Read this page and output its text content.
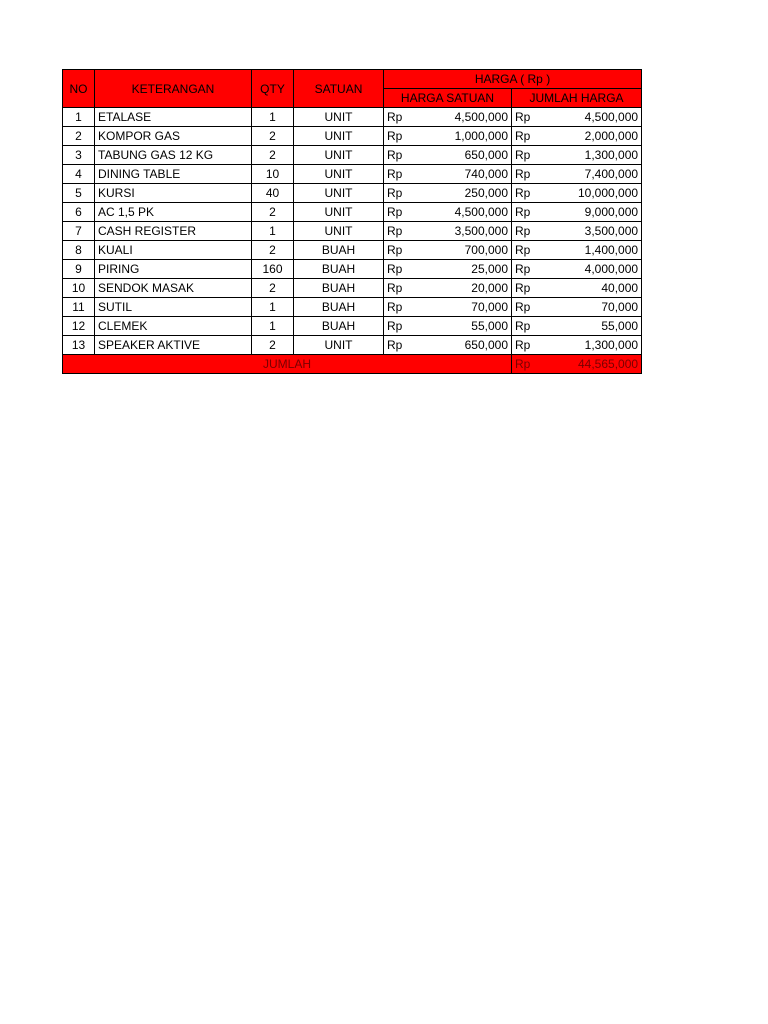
NO	KETERANGAN	QTY	SATUAN	HARGA ( Rp )			
				HARGA SATUAN		JUMLAH HARGA	
1	ETALASE	1	UNIT	Rp	4,500,000	Rp	4,500,000
2	KOMPOR GAS	2	UNIT	Rp	1,000,000	Rp	2,000,000
3	TABUNG GAS 12 KG	2	UNIT	Rp	650,000	Rp	1,300,000
4	DINING TABLE	10	UNIT	Rp	740,000	Rp	7,400,000
5	KURSI	40	UNIT	Rp	250,000	Rp	10,000,000
6	AC 1,5 PK	2	UNIT	Rp	4,500,000	Rp	9,000,000
7	CASH REGISTER	1	UNIT	Rp	3,500,000	Rp	3,500,000
8	KUALI	2	BUAH	Rp	700,000	Rp	1,400,000
9	PIRING	160	BUAH	Rp	25,000	Rp	4,000,000
10	SENDOK MASAK	2	BUAH	Rp	20,000	Rp	40,000
11	SUTIL	1	BUAH	Rp	70,000	Rp	70,000
12	CLEMEK	1	BUAH	Rp	55,000	Rp	55,000
13	SPEAKER AKTIVE	2	UNIT	Rp	650,000	Rp	1,300,000
JUMLAH						Rp	44,565,000
